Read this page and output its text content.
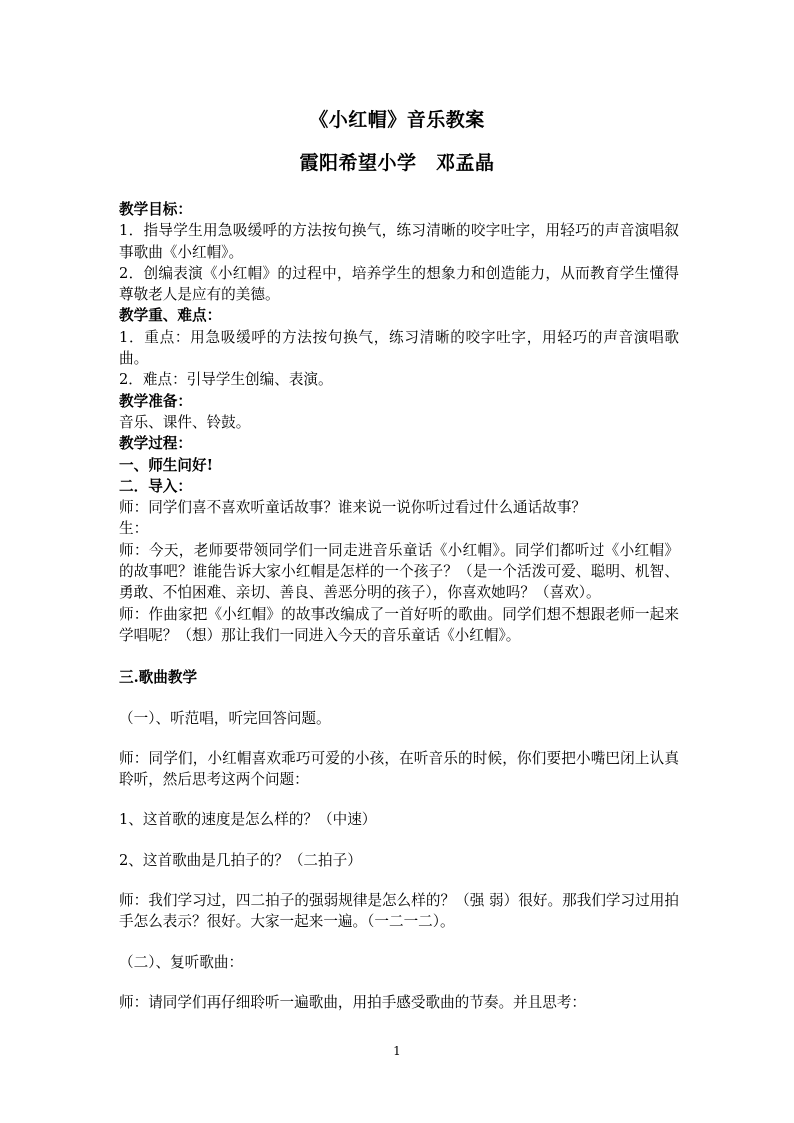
《小红帽》音乐教案
霞阳希望小学　邓孟晶

教学目标：

1．指导学生用急吸缓呼的方法按句换气，练习清晰的咬字吐字，用轻巧的声音演唱叙事歌曲《小红帽》。

2．创编表演《小红帽》的过程中，培养学生的想象力和创造能力，从而教育学生懂得尊敬老人是应有的美德。

教学重、难点：

1．重点：用急吸缓呼的方法按句换气，练习清晰的咬字吐字，用轻巧的声音演唱歌曲。

2．难点：引导学生创编、表演。

教学准备：

音乐、课件、铃鼓。

教学过程：

一、师生问好!

二．导入：

师：同学们喜不喜欢听童话故事？谁来说一说你听过看过什么通话故事？

生：

师：今天，老师要带领同学们一同走进音乐童话《小红帽》。同学们都听过《小红帽》的故事吧？谁能告诉大家小红帽是怎样的一个孩子？（是一个活泼可爱、聪明、机智、勇敢、不怕困难、亲切、善良、善恶分明的孩子），你喜欢她吗？（喜欢）。

师：作曲家把《小红帽》的故事改编成了一首好听的歌曲。同学们想不想跟老师一起来学唱呢？（想）那让我们一同进入今天的音乐童话《小红帽》。

三.歌曲教学

（一）、听范唱，听完回答问题。

师：同学们，小红帽喜欢乖巧可爱的小孩，在听音乐的时候，你们要把小嘴巴闭上认真聆听，然后思考这两个问题：

1、这首歌的速度是怎么样的？（中速）

2、这首歌曲是几拍子的？（二拍子）

师：我们学习过，四二拍子的强弱规律是怎么样的？（强 弱）很好。那我们学习过用拍手怎么表示？很好。大家一起来一遍。（一二一二）。

（二）、复听歌曲：

师：请同学们再仔细聆听一遍歌曲，用拍手感受歌曲的节奏。并且思考：

1
